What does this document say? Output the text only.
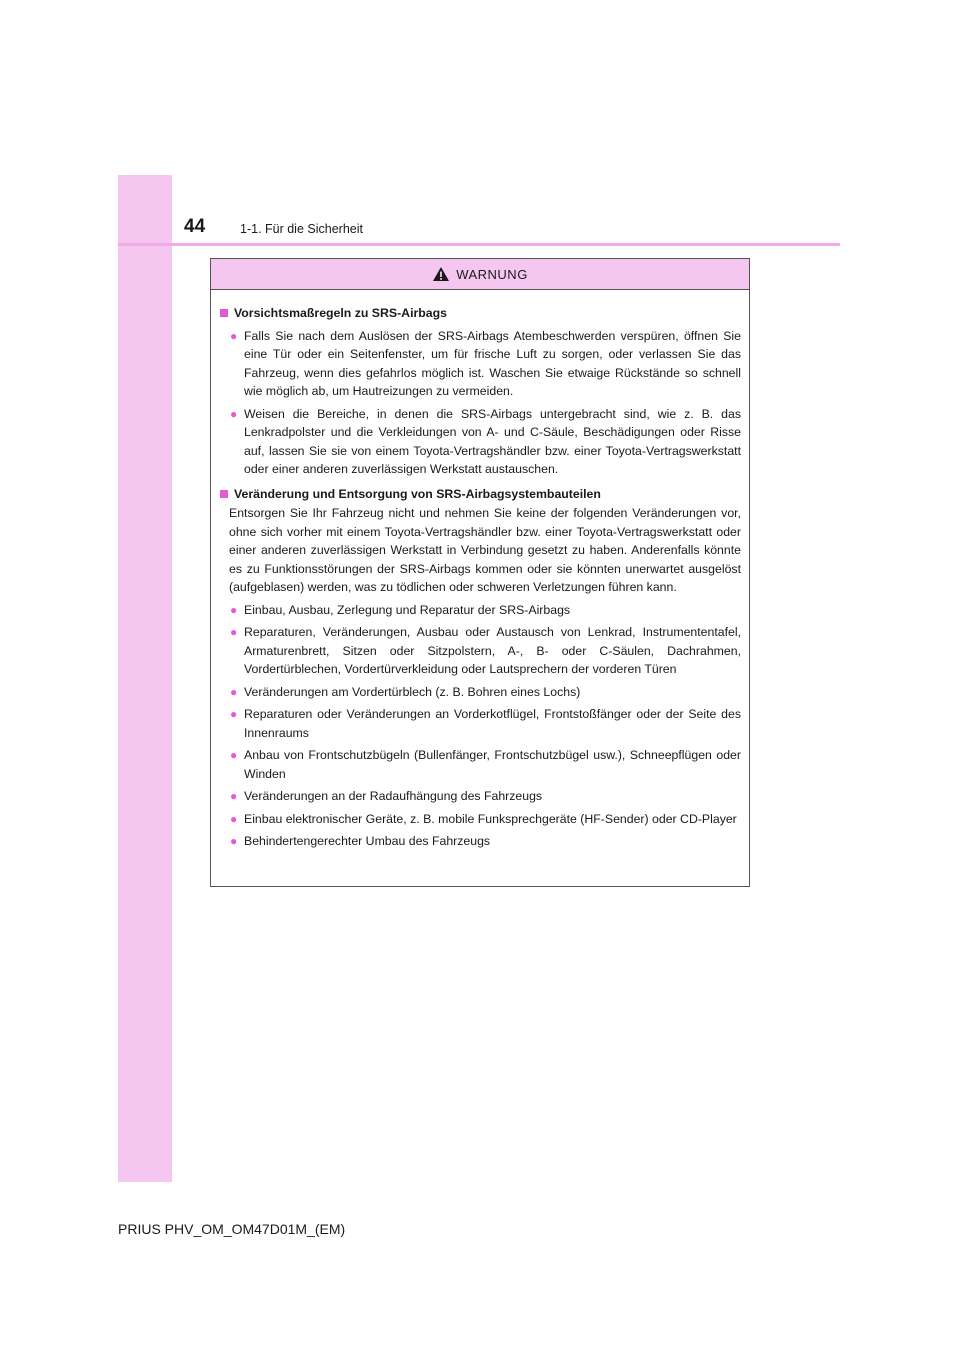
44	1-1. Für die Sicherheit
WARNUNG
Vorsichtsmaßregeln zu SRS-Airbags
● Falls Sie nach dem Auslösen der SRS-Airbags Atembeschwerden verspüren, öffnen Sie eine Tür oder ein Seitenfenster, um für frische Luft zu sorgen, oder verlassen Sie das Fahrzeug, wenn dies gefahrlos möglich ist. Waschen Sie etwaige Rückstände so schnell wie möglich ab, um Hautreizungen zu vermeiden.
● Weisen die Bereiche, in denen die SRS-Airbags untergebracht sind, wie z. B. das Lenkradpolster und die Verkleidungen von A- und C-Säule, Beschädigungen oder Risse auf, lassen Sie sie von einem Toyota-Vertragshändler bzw. einer Toyota-Vertragswerkstatt oder einer anderen zuverlässigen Werkstatt austauschen.
Veränderung und Entsorgung von SRS-Airbagsystembauteilen
Entsorgen Sie Ihr Fahrzeug nicht und nehmen Sie keine der folgenden Veränderungen vor, ohne sich vorher mit einem Toyota-Vertragshändler bzw. einer Toyota-Vertragswerkstatt oder einer anderen zuverlässigen Werkstatt in Verbindung gesetzt zu haben. Anderenfalls könnte es zu Funktionsstörungen der SRS-Airbags kommen oder sie könnten unerwartet ausgelöst (aufgeblasen) werden, was zu tödlichen oder schweren Verletzungen führen kann.
● Einbau, Ausbau, Zerlegung und Reparatur der SRS-Airbags
● Reparaturen, Veränderungen, Ausbau oder Austausch von Lenkrad, Instrumententafel, Armaturenbrett, Sitzen oder Sitzpolstern, A-, B- oder C-Säulen, Dachrahmen, Vordertürblechen, Vordertürverkleidung oder Lautsprechern der vorderen Türen
● Veränderungen am Vordertürblech (z. B. Bohren eines Lochs)
● Reparaturen oder Veränderungen an Vorderkotflügel, Frontstoßfänger oder der Seite des Innenraums
● Anbau von Frontschutzbügeln (Bullenfänger, Frontschutzbügel usw.), Schneepflügen oder Winden
● Veränderungen an der Radaufhängung des Fahrzeugs
● Einbau elektronischer Geräte, z. B. mobile Funksprechgeräte (HF-Sender) oder CD-Player
● Behindertengerechter Umbau des Fahrzeugs
PRIUS PHV_OM_OM47D01M_(EM)
